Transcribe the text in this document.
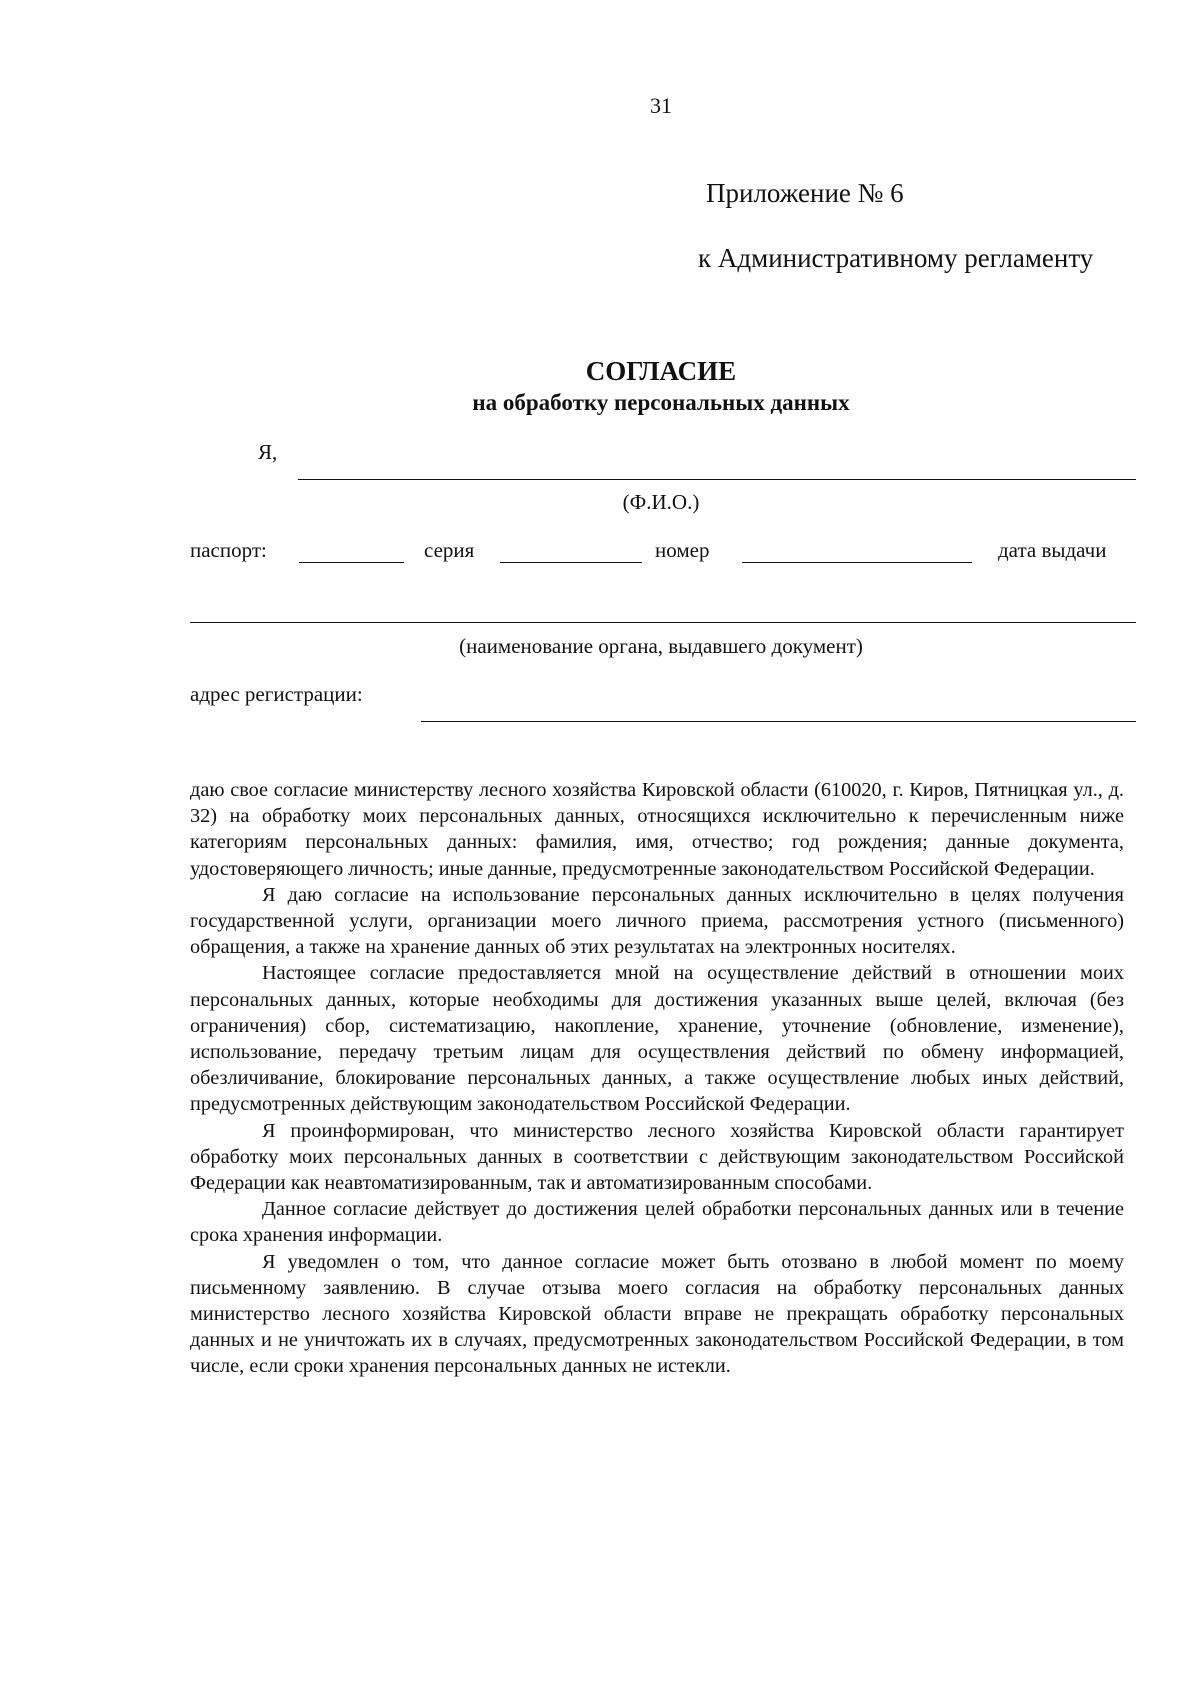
31
Приложение № 6
к Административному регламенту
СОГЛАСИЕ
на обработку персональных данных
Я,
(Ф.И.О.)
паспорт:	серия	номер	дата выдачи
(наименование органа, выдавшего документ)
адрес регистрации:

даю свое согласие министерству лесного хозяйства Кировской области (610020, г. Киров, Пятницкая ул., д. 32) на обработку моих персональных данных, относящихся исключительно к перечисленным ниже категориям персональных данных: фамилия, имя, отчество; год рождения; данные документа, удостоверяющего личность; иные данные, предусмотренные законодательством Российской Федерации.

Я даю согласие на использование персональных данных исключительно в целях получения государственной услуги, организации моего личного приема, рассмотрения устного (письменного) обращения, а также на хранение данных об этих результатах на электронных носителях.

Настоящее согласие предоставляется мной на осуществление действий в отношении моих персональных данных, которые необходимы для достижения указанных выше целей, включая (без ограничения) сбор, систематизацию, накопление, хранение, уточнение (обновление, изменение), использование, передачу третьим лицам для осуществления действий по обмену информацией, обезличивание, блокирование персональных данных, а также осуществление любых иных действий, предусмотренных действующим законодательством Российской Федерации.

Я проинформирован, что министерство лесного хозяйства Кировской области гарантирует обработку моих персональных данных в соответствии с действующим законодательством Российской Федерации как неавтоматизированным, так и автоматизированным способами.

Данное согласие действует до достижения целей обработки персональных данных или в течение срока хранения информации.

Я уведомлен о том, что данное согласие может быть отозвано в любой момент по моему письменному заявлению. В случае отзыва моего согласия на обработку персональных данных министерство лесного хозяйства Кировской области вправе не прекращать обработку персональных данных и не уничтожать их в случаях, предусмотренных законодательством Российской Федерации, в том числе, если сроки хранения персональных данных не истекли.
